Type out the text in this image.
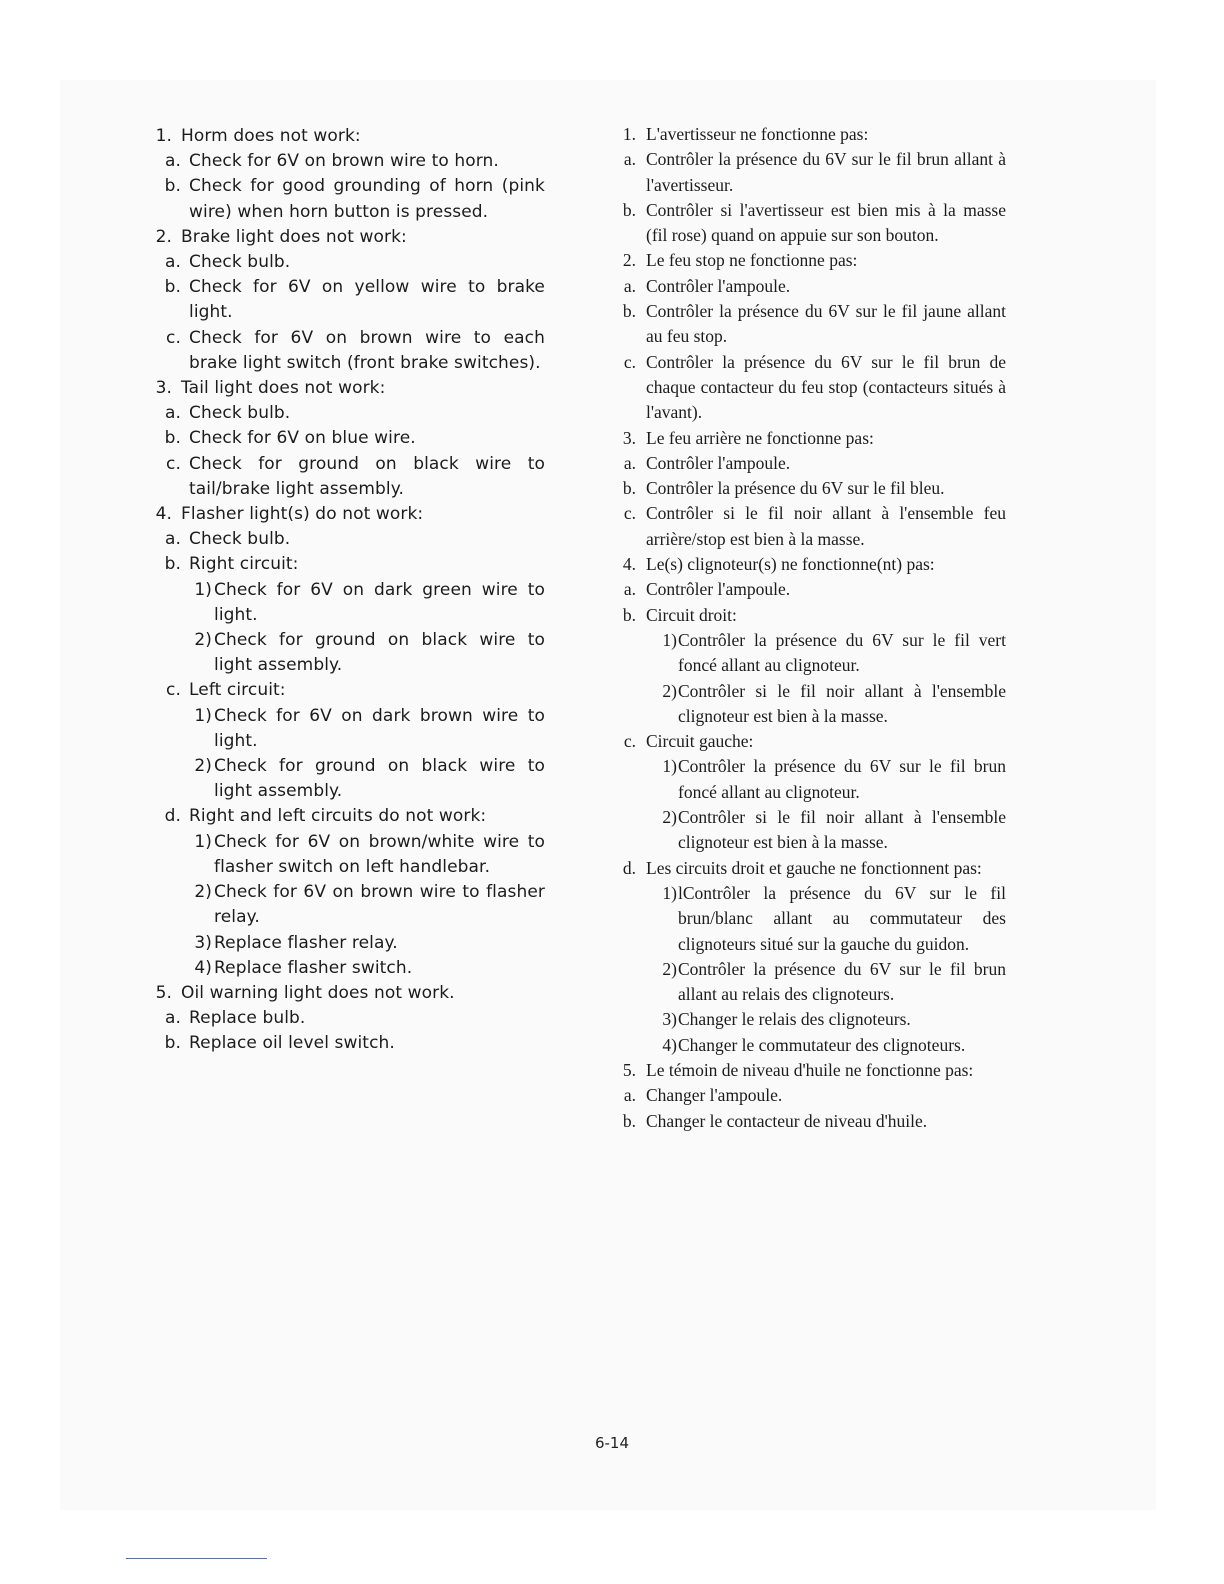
1. Horm does not work:
a. Check for 6V on brown wire to horn.
b. Check for good grounding of horn (pink wire) when horn button is pressed.
2. Brake light does not work:
a. Check bulb.
b. Check for 6V on yellow wire to brake light.
c. Check for 6V on brown wire to each brake light switch (front brake switches).
3. Tail light does not work:
a. Check bulb.
b. Check for 6V on blue wire.
c. Check for ground on black wire to tail/brake light assembly.
4. Flasher light(s) do not work:
a. Check bulb.
b. Right circuit:
1) Check for 6V on dark green wire to light.
2) Check for ground on black wire to light assembly.
c. Left circuit:
1) Check for 6V on dark brown wire to light.
2) Check for ground on black wire to light assembly.
d. Right and left circuits do not work:
1) Check for 6V on brown/white wire to flasher switch on left handlebar.
2) Check for 6V on brown wire to flasher relay.
3) Replace flasher relay.
4) Replace flasher switch.
5. Oil warning light does not work.
a. Replace bulb.
b. Replace oil level switch.
1. L'avertisseur ne fonctionne pas:
a. Contrôler la présence du 6V sur le fil brun allant à l'avertisseur.
b. Contrôler si l'avertisseur est bien mis à la masse (fil rose) quand on appuie sur son bouton.
2. Le feu stop ne fonctionne pas:
a. Contrôler l'ampoule.
b. Contrôler la présence du 6V sur le fil jaune allant au feu stop.
c. Contrôler la présence du 6V sur le fil brun de chaque contacteur du feu stop (contacteurs situés à l'avant).
3. Le feu arrière ne fonctionne pas:
a. Contrôler l'ampoule.
b. Contrôler la présence du 6V sur le fil bleu.
c. Contrôler si le fil noir allant à l'ensemble feu arrière/stop est bien à la masse.
4. Le(s) clignoteur(s) ne fonctionne(nt) pas:
a. Contrôler l'ampoule.
b. Circuit droit:
1) Contrôler la présence du 6V sur le fil vert foncé allant au clignoteur.
2) Contrôler si le fil noir allant à l'ensemble clignoteur est bien à la masse.
c. Circuit gauche:
1) Contrôler la présence du 6V sur le fil brun foncé allant au clignoteur.
2) Contrôler si le fil noir allant à l'ensemble clignoteur est bien à la masse.
d. Les circuits droit et gauche ne fonctionnent pas:
1) lContrôler la présence du 6V sur le fil brun/blanc allant au commutateur des clignoteurs situé sur la gauche du guidon.
2) Contrôler la présence du 6V sur le fil brun allant au relais des clignoteurs.
3) Changer le relais des clignoteurs.
4) Changer le commutateur des clignoteurs.
5. Le témoin de niveau d'huile ne fonctionne pas:
a. Changer l'ampoule.
b. Changer le contacteur de niveau d'huile.
6-14
